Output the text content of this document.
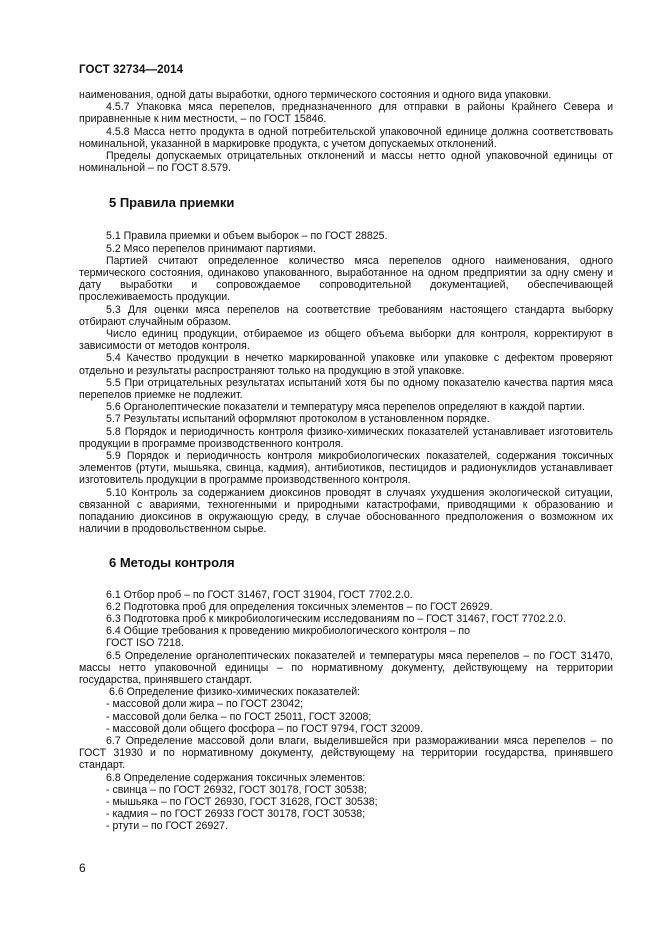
ГОСТ 32734—2014

наименования, одной даты выработки, одного термического состояния и одного вида упаковки.

4.5.7 Упаковка мяса перепелов, предназначенного для отправки в районы Крайнего Севера и приравненные к ним местности, – по ГОСТ 15846.

4.5.8 Масса нетто продукта в одной потребительской упаковочной единице должна соответствовать номинальной, указанной в маркировке продукта, с учетом допускаемых отклонений.

Пределы допускаемых отрицательных отклонений и массы нетто одной упаковочной единицы от номинальной – по ГОСТ 8.579.

5 Правила приемки

5.1 Правила приемки и объем выборок – по ГОСТ 28825.

5.2 Мясо перепелов принимают партиями.

Партией считают определенное количество мяса перепелов одного наименования, одного термического состояния, одинаково упакованного, выработанное на одном предприятии за одну смену и дату выработки и сопровождаемое сопроводительной документацией, обеспечивающей прослеживаемость продукции.

5.3 Для оценки мяса перепелов на соответствие требованиям настоящего стандарта выборку отбирают случайным образом.

Число единиц продукции, отбираемое из общего объема выборки для контроля, корректируют в зависимости от методов контроля.

5.4 Качество продукции в нечетко маркированной упаковке или упаковке с дефектом проверяют отдельно и результаты распространяют только на продукцию в этой упаковке.

5.5 При отрицательных результатах испытаний хотя бы по одному показателю качества партия мяса перепелов приемке не подлежит.

5.6 Органолептические показатели и температуру мяса перепелов определяют в каждой партии.

5.7 Результаты испытаний оформляют протоколом в установленном порядке.

5.8 Порядок и периодичность контроля физико-химических показателей устанавливает изготовитель продукции в программе производственного контроля.

5.9 Порядок и периодичность контроля микробиологических показателей, содержания токсичных элементов (ртути, мышьяка, свинца, кадмия), антибиотиков, пестицидов и радионуклидов устанавливает изготовитель продукции в программе производственного контроля.

5.10 Контроль за содержанием диоксинов проводят в случаях ухудшения экологической ситуации, связанной с авариями, техногенными и природными катастрофами, приводящими к образованию и попаданию диоксинов в окружающую среду, в случае обоснованного предположения о возможном их наличии в продовольственном сырье.

6 Методы контроля

6.1 Отбор проб – по ГОСТ 31467, ГОСТ 31904, ГОСТ 7702.2.0.

6.2 Подготовка проб для определения токсичных элементов – по ГОСТ 26929.

6.3 Подготовка проб к микробиологическим исследованиям по – ГОСТ 31467, ГОСТ 7702.2.0.

6.4 Общие требования к проведению микробиологического контроля – по

ГОСТ ISO 7218.

6.5 Определение органолептических показателей и температуры мяса перепелов – по ГОСТ 31470, массы нетто упаковочной единицы – по нормативному документу, действующему на территории государства, принявшего стандарт.

6.6 Определение физико-химических показателей:

- массовой доли жира – по ГОСТ 23042;

- массовой доли белка – по ГОСТ 25011, ГОСТ 32008;

- массовой доли общего фосфора – по ГОСТ 9794, ГОСТ 32009.

6.7 Определение массовой доли влаги, выделившейся при размораживании мяса перепелов – по ГОСТ 31930 и по нормативному документу, действующему на территории государства, принявшего стандарт.

6.8 Определение содержания токсичных элементов:

- свинца – по ГОСТ 26932, ГОСТ 30178, ГОСТ 30538;

- мышьяка – по ГОСТ 26930, ГОСТ 31628, ГОСТ 30538;

- кадмия – по ГОСТ 26933 ГОСТ 30178, ГОСТ 30538;

- ртути – по ГОСТ 26927.

6
